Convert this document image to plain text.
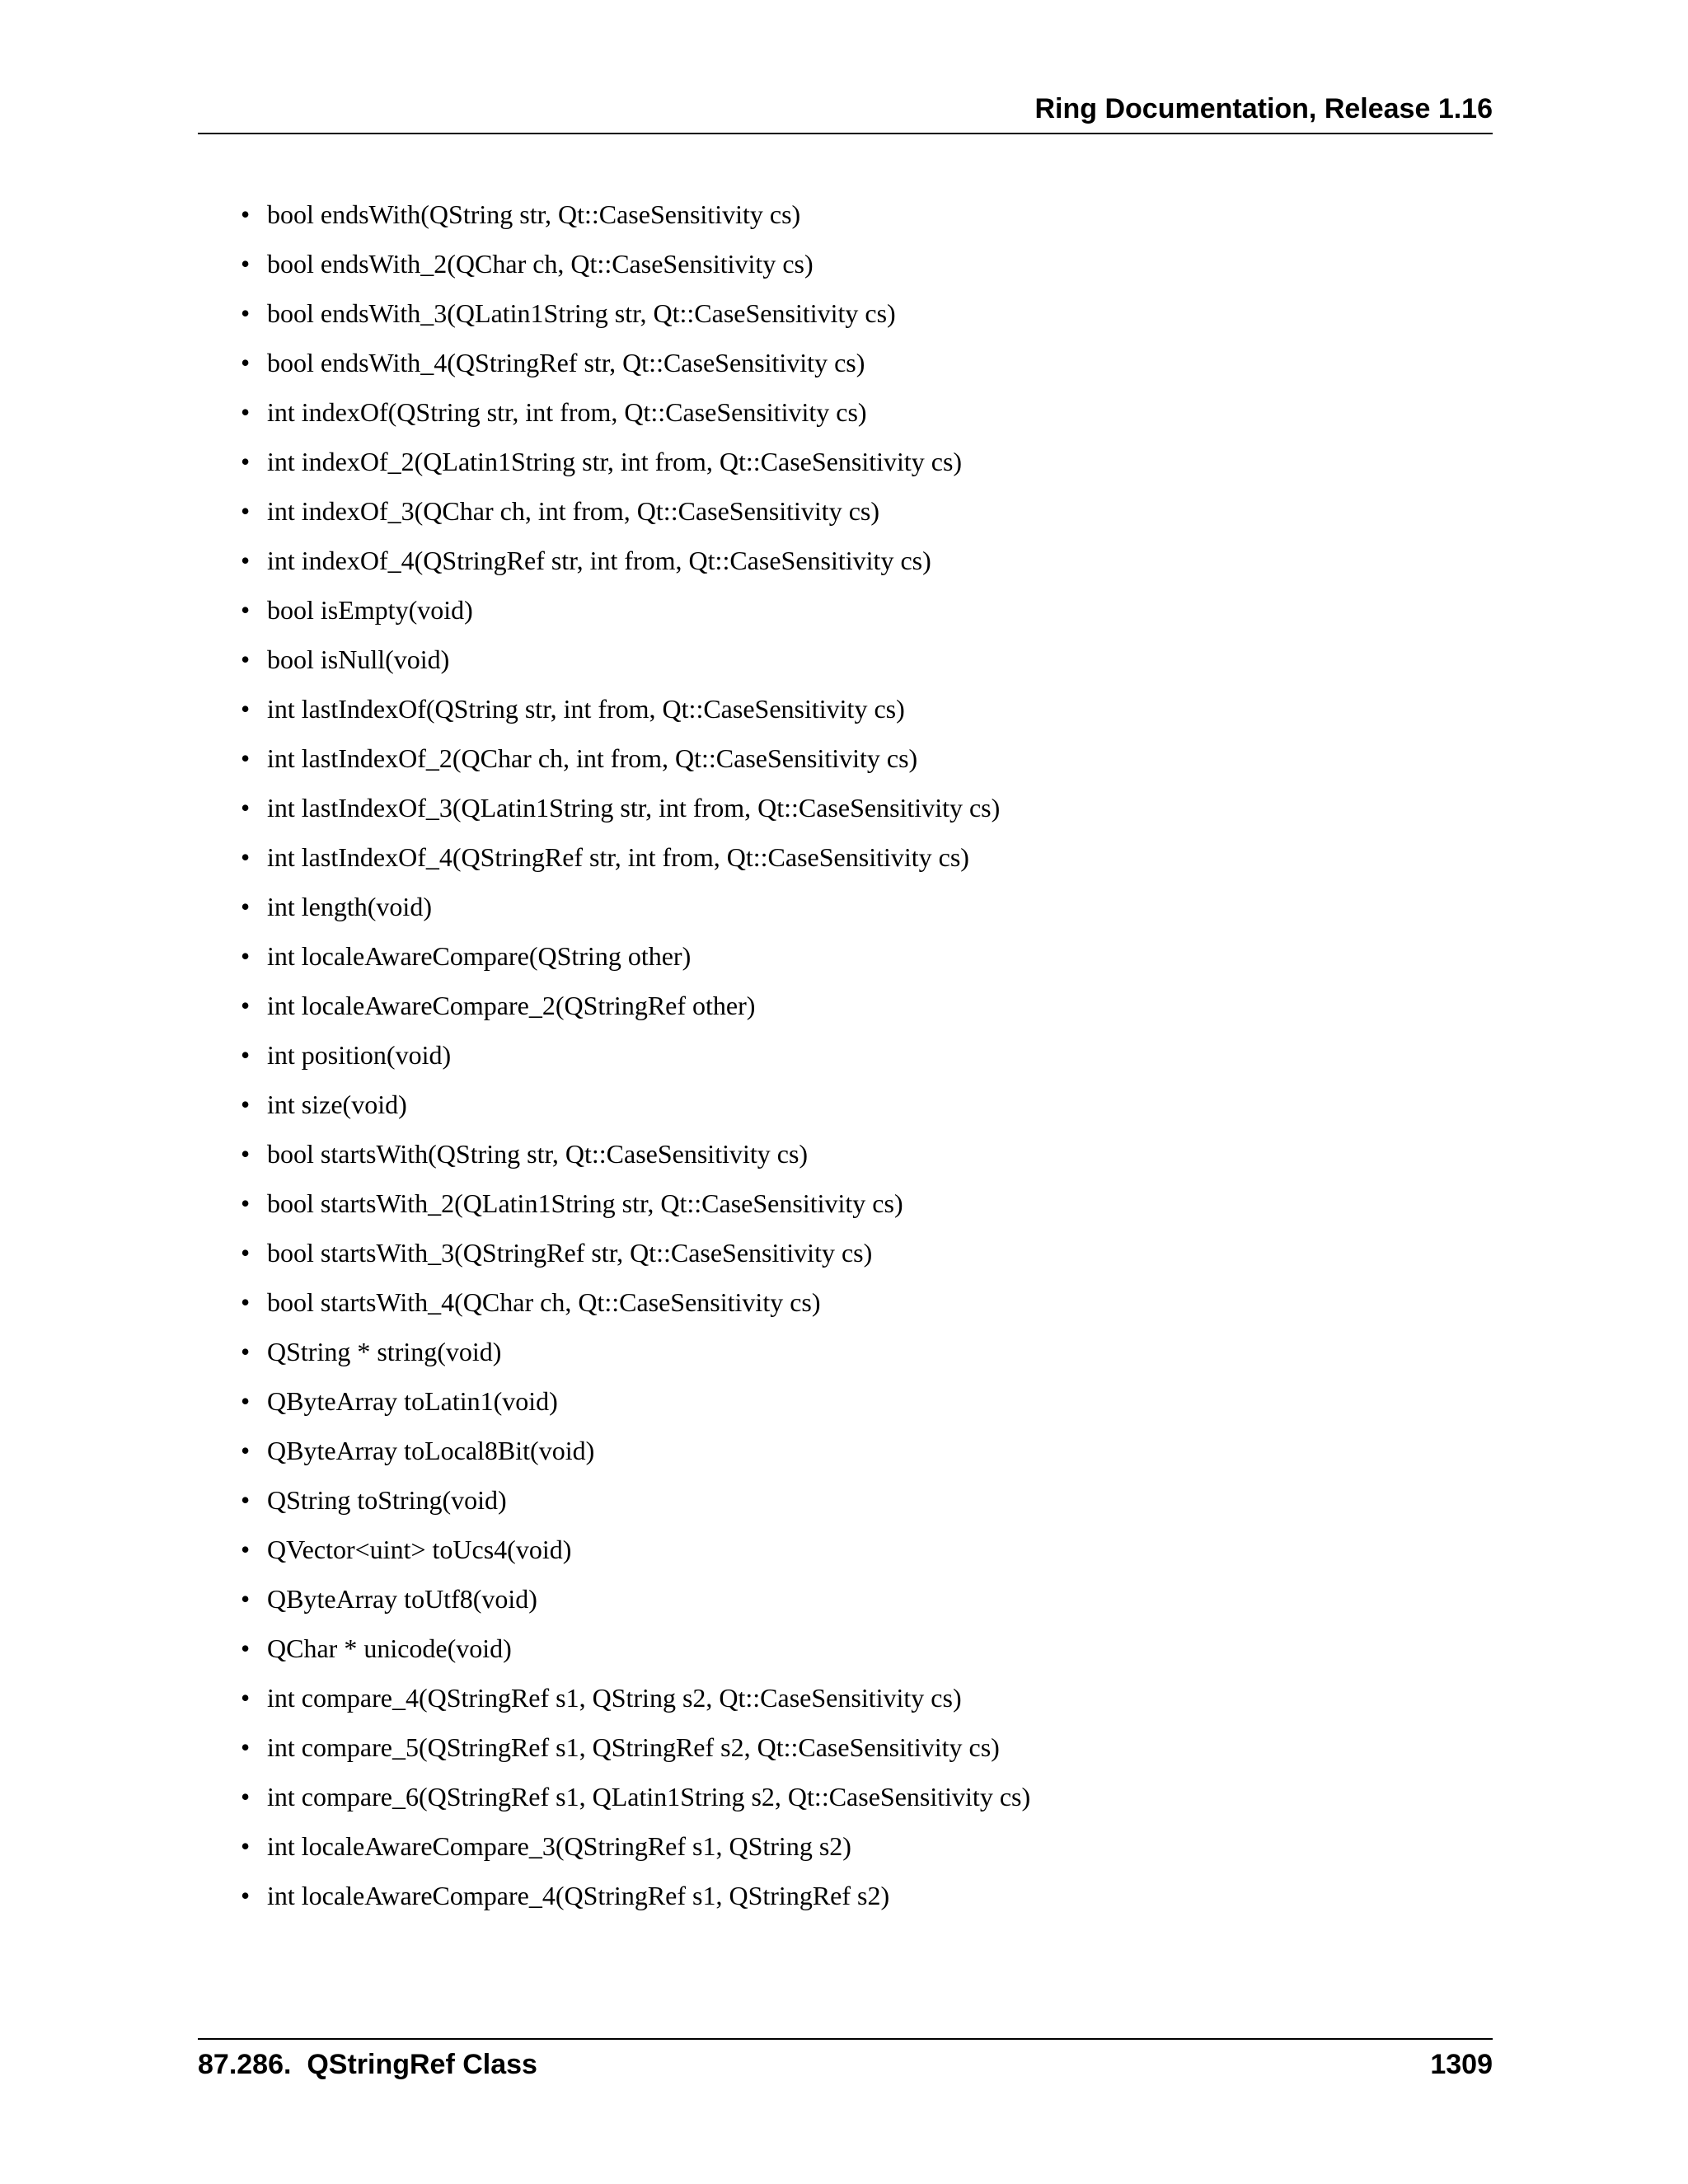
Ring Documentation, Release 1.16
• bool endsWith(QString str, Qt::CaseSensitivity cs)
• bool endsWith_2(QChar ch, Qt::CaseSensitivity cs)
• bool endsWith_3(QLatin1String str, Qt::CaseSensitivity cs)
• bool endsWith_4(QStringRef str, Qt::CaseSensitivity cs)
• int indexOf(QString str, int from, Qt::CaseSensitivity cs)
• int indexOf_2(QLatin1String str, int from, Qt::CaseSensitivity cs)
• int indexOf_3(QChar ch, int from, Qt::CaseSensitivity cs)
• int indexOf_4(QStringRef str, int from, Qt::CaseSensitivity cs)
• bool isEmpty(void)
• bool isNull(void)
• int lastIndexOf(QString str, int from, Qt::CaseSensitivity cs)
• int lastIndexOf_2(QChar ch, int from, Qt::CaseSensitivity cs)
• int lastIndexOf_3(QLatin1String str, int from, Qt::CaseSensitivity cs)
• int lastIndexOf_4(QStringRef str, int from, Qt::CaseSensitivity cs)
• int length(void)
• int localeAwareCompare(QString other)
• int localeAwareCompare_2(QStringRef other)
• int position(void)
• int size(void)
• bool startsWith(QString str, Qt::CaseSensitivity cs)
• bool startsWith_2(QLatin1String str, Qt::CaseSensitivity cs)
• bool startsWith_3(QStringRef str, Qt::CaseSensitivity cs)
• bool startsWith_4(QChar ch, Qt::CaseSensitivity cs)
• QString * string(void)
• QByteArray toLatin1(void)
• QByteArray toLocal8Bit(void)
• QString toString(void)
• QVector<uint> toUcs4(void)
• QByteArray toUtf8(void)
• QChar * unicode(void)
• int compare_4(QStringRef s1, QString s2, Qt::CaseSensitivity cs)
• int compare_5(QStringRef s1, QStringRef s2, Qt::CaseSensitivity cs)
• int compare_6(QStringRef s1, QLatin1String s2, Qt::CaseSensitivity cs)
• int localeAwareCompare_3(QStringRef s1, QString s2)
• int localeAwareCompare_4(QStringRef s1, QStringRef s2)
87.286.  QStringRef Class	1309
